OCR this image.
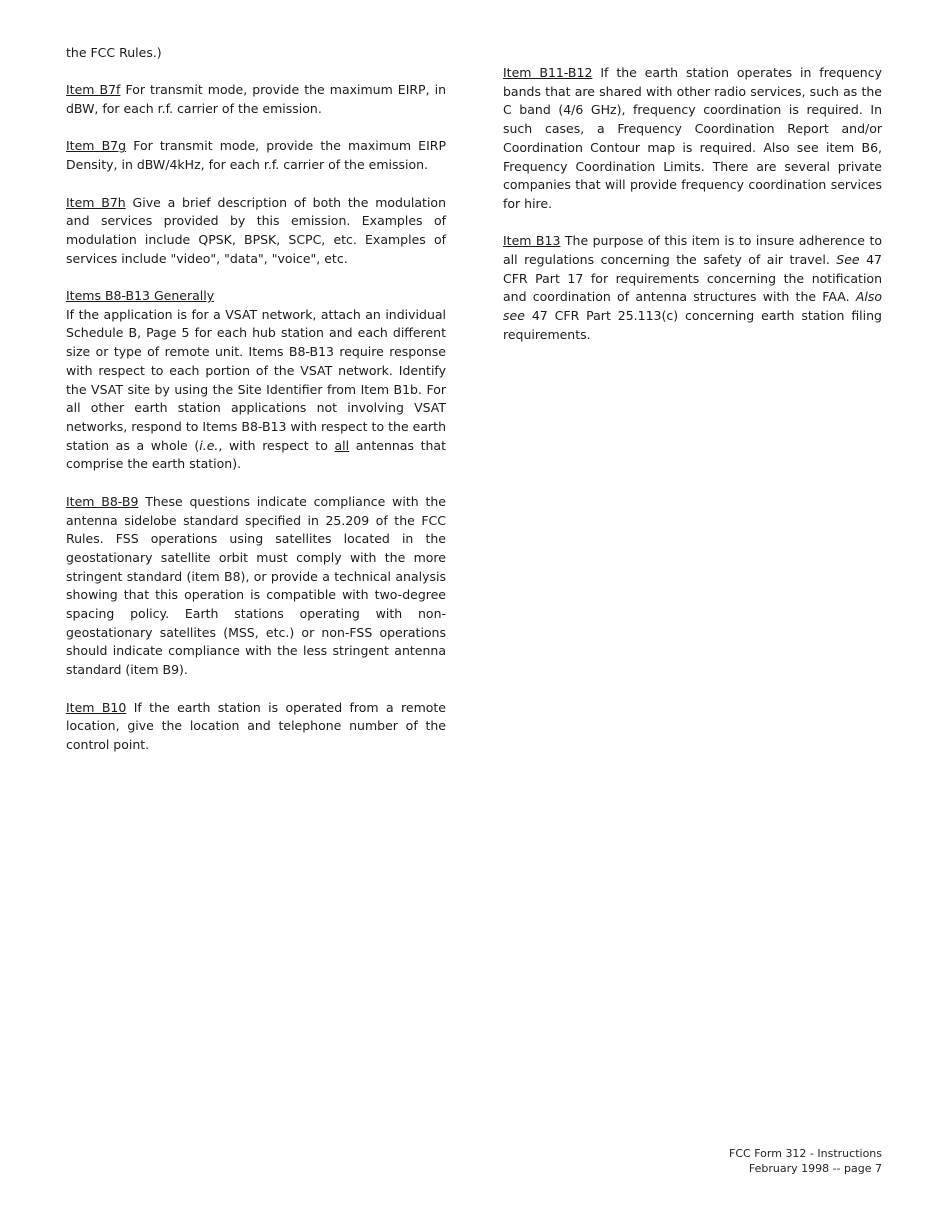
the FCC Rules.)

Item B7f For transmit mode, provide the maximum EIRP, in dBW, for each r.f. carrier of the emission.

Item B7g For transmit mode, provide the maximum EIRP Density, in dBW/4kHz, for each r.f. carrier of the emission.

Item B7h Give a brief description of both the modulation and services provided by this emission. Examples of modulation include QPSK, BPSK, SCPC, etc. Examples of services include "video", "data", "voice", etc.

Items B8-B13 Generally
If the application is for a VSAT network, attach an individual Schedule B, Page 5 for each hub station and each different size or type of remote unit. Items B8-B13 require response with respect to each portion of the VSAT network. Identify the VSAT site by using the Site Identifier from Item B1b. For all other earth station applications not involving VSAT networks, respond to Items B8-B13 with respect to the earth station as a whole (i.e., with respect to all antennas that comprise the earth station).

Item B8-B9 These questions indicate compliance with the antenna sidelobe standard specified in 25.209 of the FCC Rules. FSS operations using satellites located in the geostationary satellite orbit must comply with the more stringent standard (item B8), or provide a technical analysis showing that this operation is compatible with two-degree spacing policy. Earth stations operating with non-geostationary satellites (MSS, etc.) or non-FSS operations should indicate compliance with the less stringent antenna standard (item B9).

Item B10 If the earth station is operated from a remote location, give the location and telephone number of the control point.

Item B11-B12 If the earth station operates in frequency bands that are shared with other radio services, such as the C band (4/6 GHz), frequency coordination is required. In such cases, a Frequency Coordination Report and/or Coordination Contour map is required. Also see item B6, Frequency Coordination Limits. There are several private companies that will provide frequency coordination services for hire.

Item B13 The purpose of this item is to insure adherence to all regulations concerning the safety of air travel. See 47 CFR Part 17 for requirements concerning the notification and coordination of antenna structures with the FAA. Also see 47 CFR Part 25.113(c) concerning earth station filing requirements.

FCC Form 312 - Instructions
February 1998 -- page 7
